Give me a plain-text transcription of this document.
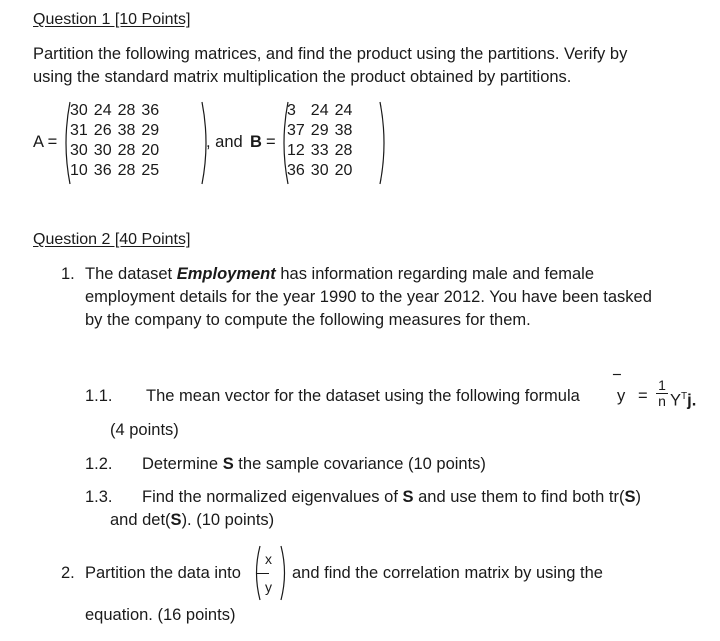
Question 1 [10 Points]
Partition the following matrices, and find the product using the partitions. Verify by
using the standard matrix multiplication the product obtained by partitions.
A =
30	24	28	36
31	26	38	29
30	30	28	20
10	36	28	25
, and B =
3	24	24
37	29	38
12	33	28
36	30	20
Question 2 [40 Points]
1. The dataset Employment has information regarding male and female
employment details for the year 1990 to the year 2012. You have been tasked
by the company to compute the following measures for them.
1.1. The mean vector for the dataset using the following formula
−
y =
1
n $Y^Tj$.
(4 points)
1.2. Determine S the sample covariance (10 points)
1.3. Find the normalized eigenvalues of S and use them to find both tr(S)
and det(S). (10 points)
2. Partition the data into
x
y
and find the correlation matrix by using the
equation. (16 points)
